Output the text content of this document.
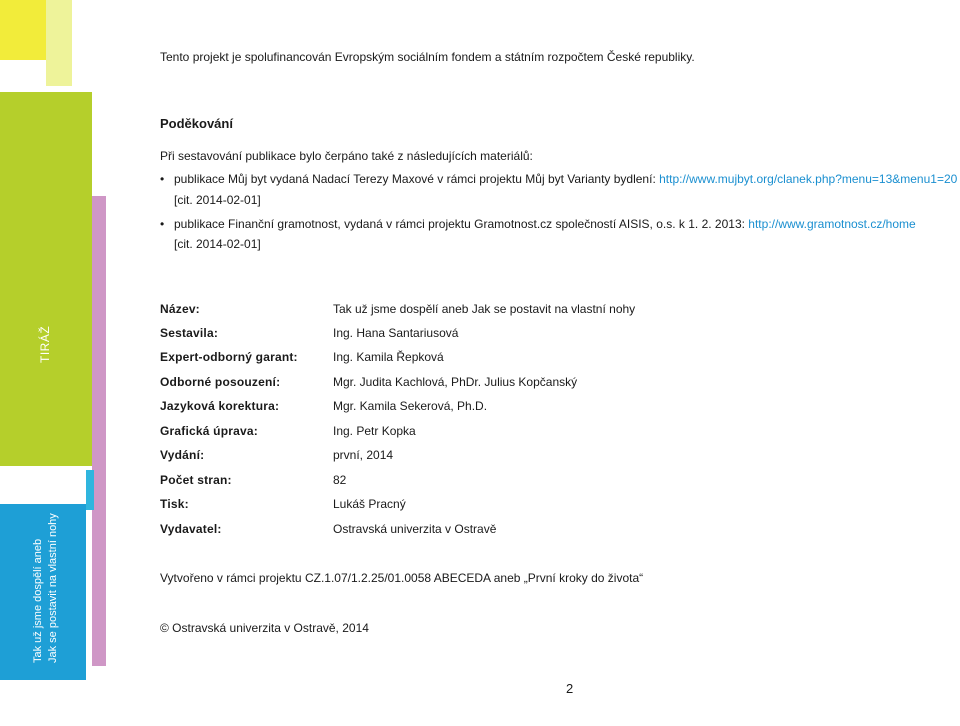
TIRÁŽ
Tak už jsme dospělí aneb Jak se postavit na vlastní nohy
Tento projekt je spolufinancován Evropským sociálním fondem a státním rozpočtem České republiky.
Poděkování
Při sestavování publikace bylo čerpáno také z následujících materiálů:
• publikace Můj byt vydaná Nadací Terezy Maxové v rámci projektu Můj byt Varianty bydlení: http://www.mujbyt.org/clanek.php?menu=13&menu1=20
[cit. 2014-02-01]
• publikace Finanční gramotnost, vydaná v rámci projektu Gramotnost.cz společností AISIS, o.s. k 1. 2. 2013: http://www.gramotnost.cz/home
[cit. 2014-02-01]
Název:	Tak už jsme dospělí aneb Jak se postavit na vlastní nohy
Sestavila:	Ing. Hana Santariusová
Expert-odborný garant:	Ing. Kamila Řepková
Odborné posouzení:	Mgr. Judita Kachlová, PhDr. Julius Kopčanský
Jazyková korektura:	Mgr. Kamila Sekerová, Ph.D.
Grafická úprava:	Ing. Petr Kopka
Vydání:	první, 2014
Počet stran:	82
Tisk:	Lukáš Pracný
Vydavatel:	Ostravská univerzita v Ostravě
Vytvořeno v rámci projektu CZ.1.07/1.2.25/01.0058 ABECEDA aneb „První kroky do života“
© Ostravská univerzita v Ostravě, 2014
2
